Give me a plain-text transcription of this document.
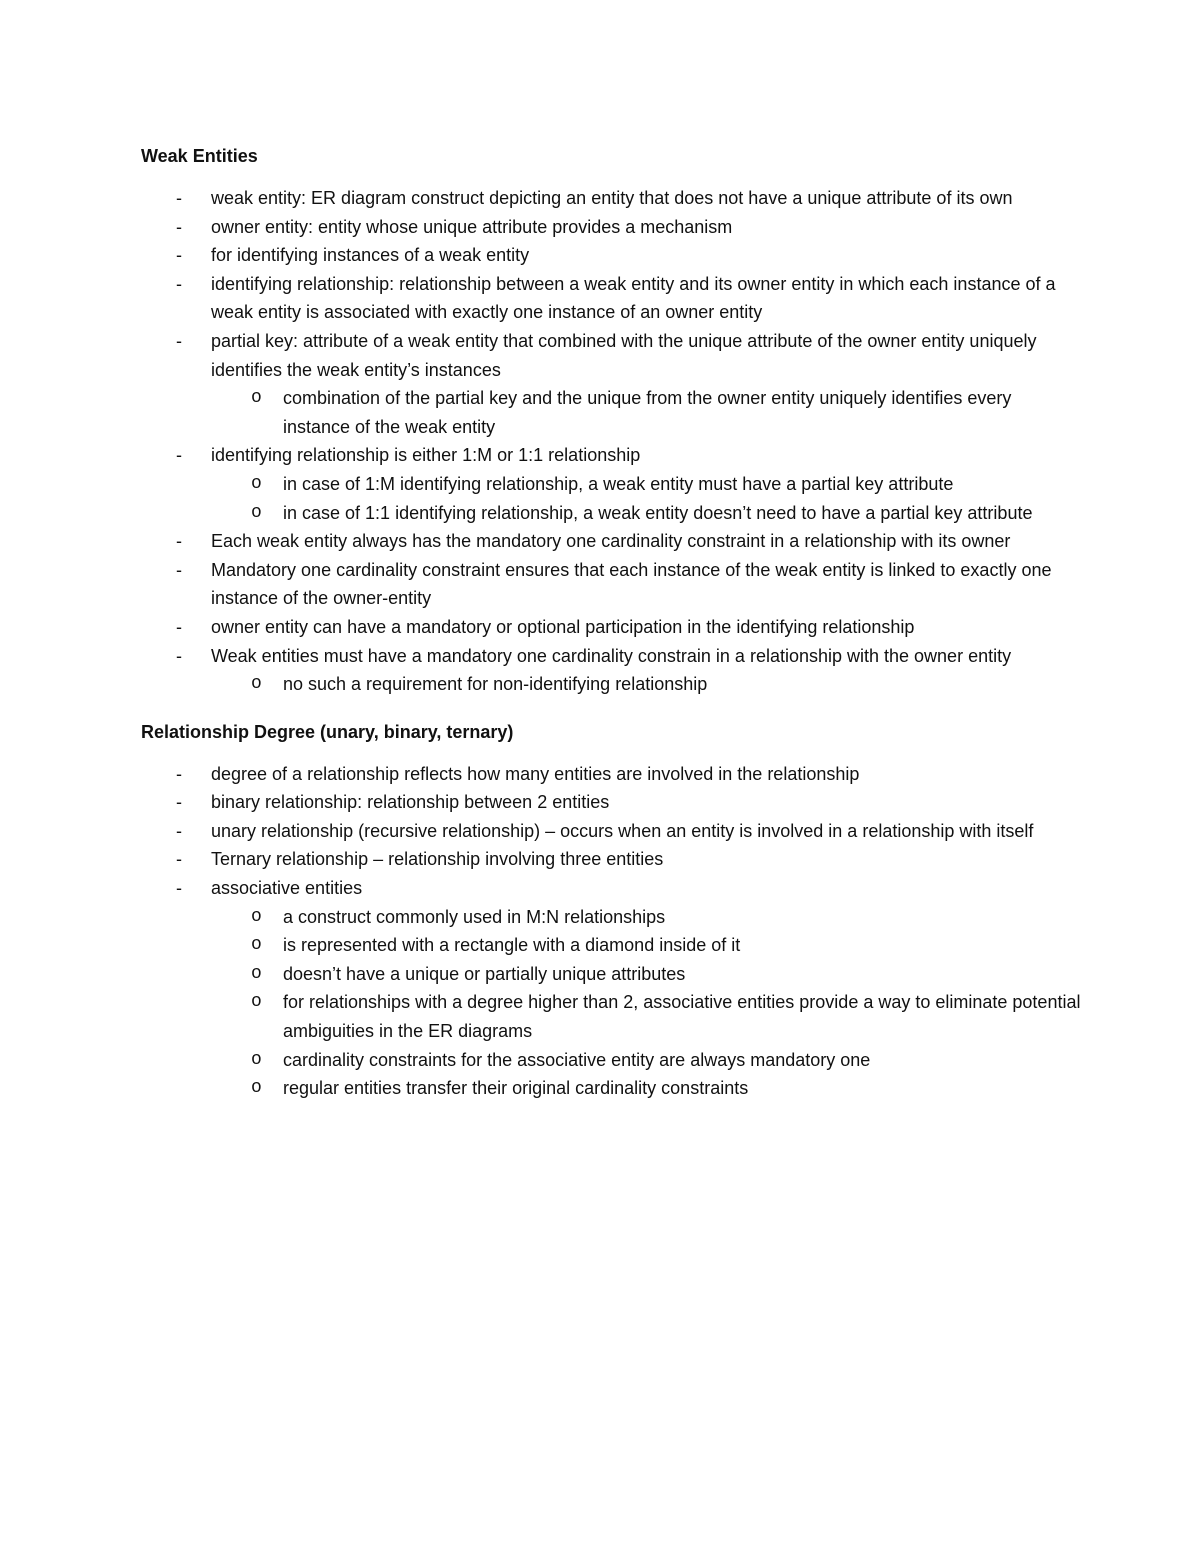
Weak Entities
- weak entity: ER diagram construct depicting an entity that does not have a unique attribute of its own
- owner entity: entity whose unique attribute provides a mechanism
- for identifying instances of a weak entity
- identifying relationship: relationship between a weak entity and its owner entity in which each instance of a weak entity is associated with exactly one instance of an owner entity
- partial key: attribute of a weak entity that combined with the unique attribute of the owner entity uniquely identifies the weak entity’s instances
o combination of the partial key and the unique from the owner entity uniquely identifies every instance of the weak entity
- identifying relationship is either 1:M or 1:1 relationship
o in case of 1:M identifying relationship, a weak entity must have a partial key attribute
o in case of 1:1 identifying relationship, a weak entity doesn’t need to have a partial key attribute
- Each weak entity always has the mandatory one cardinality constraint in a relationship with its owner
- Mandatory one cardinality constraint ensures that each instance of the weak entity is linked to exactly one instance of the owner-entity
- owner entity can have a mandatory or optional participation in the identifying relationship
- Weak entities must have a mandatory one cardinality constrain in a relationship with the owner entity
o no such a requirement for non-identifying relationship
Relationship Degree (unary, binary, ternary)
- degree of a relationship reflects how many entities are involved in the relationship
- binary relationship: relationship between 2 entities
- unary relationship (recursive relationship) – occurs when an entity is involved in a relationship with itself
- Ternary relationship – relationship involving three entities
- associative entities
o a construct commonly used in M:N relationships
o is represented with a rectangle with a diamond inside of it
o doesn’t have a unique or partially unique attributes
o for relationships with a degree higher than 2, associative entities provide a way to eliminate potential ambiguities in the ER diagrams
o cardinality constraints for the associative entity are always mandatory one
o regular entities transfer their original cardinality constraints
